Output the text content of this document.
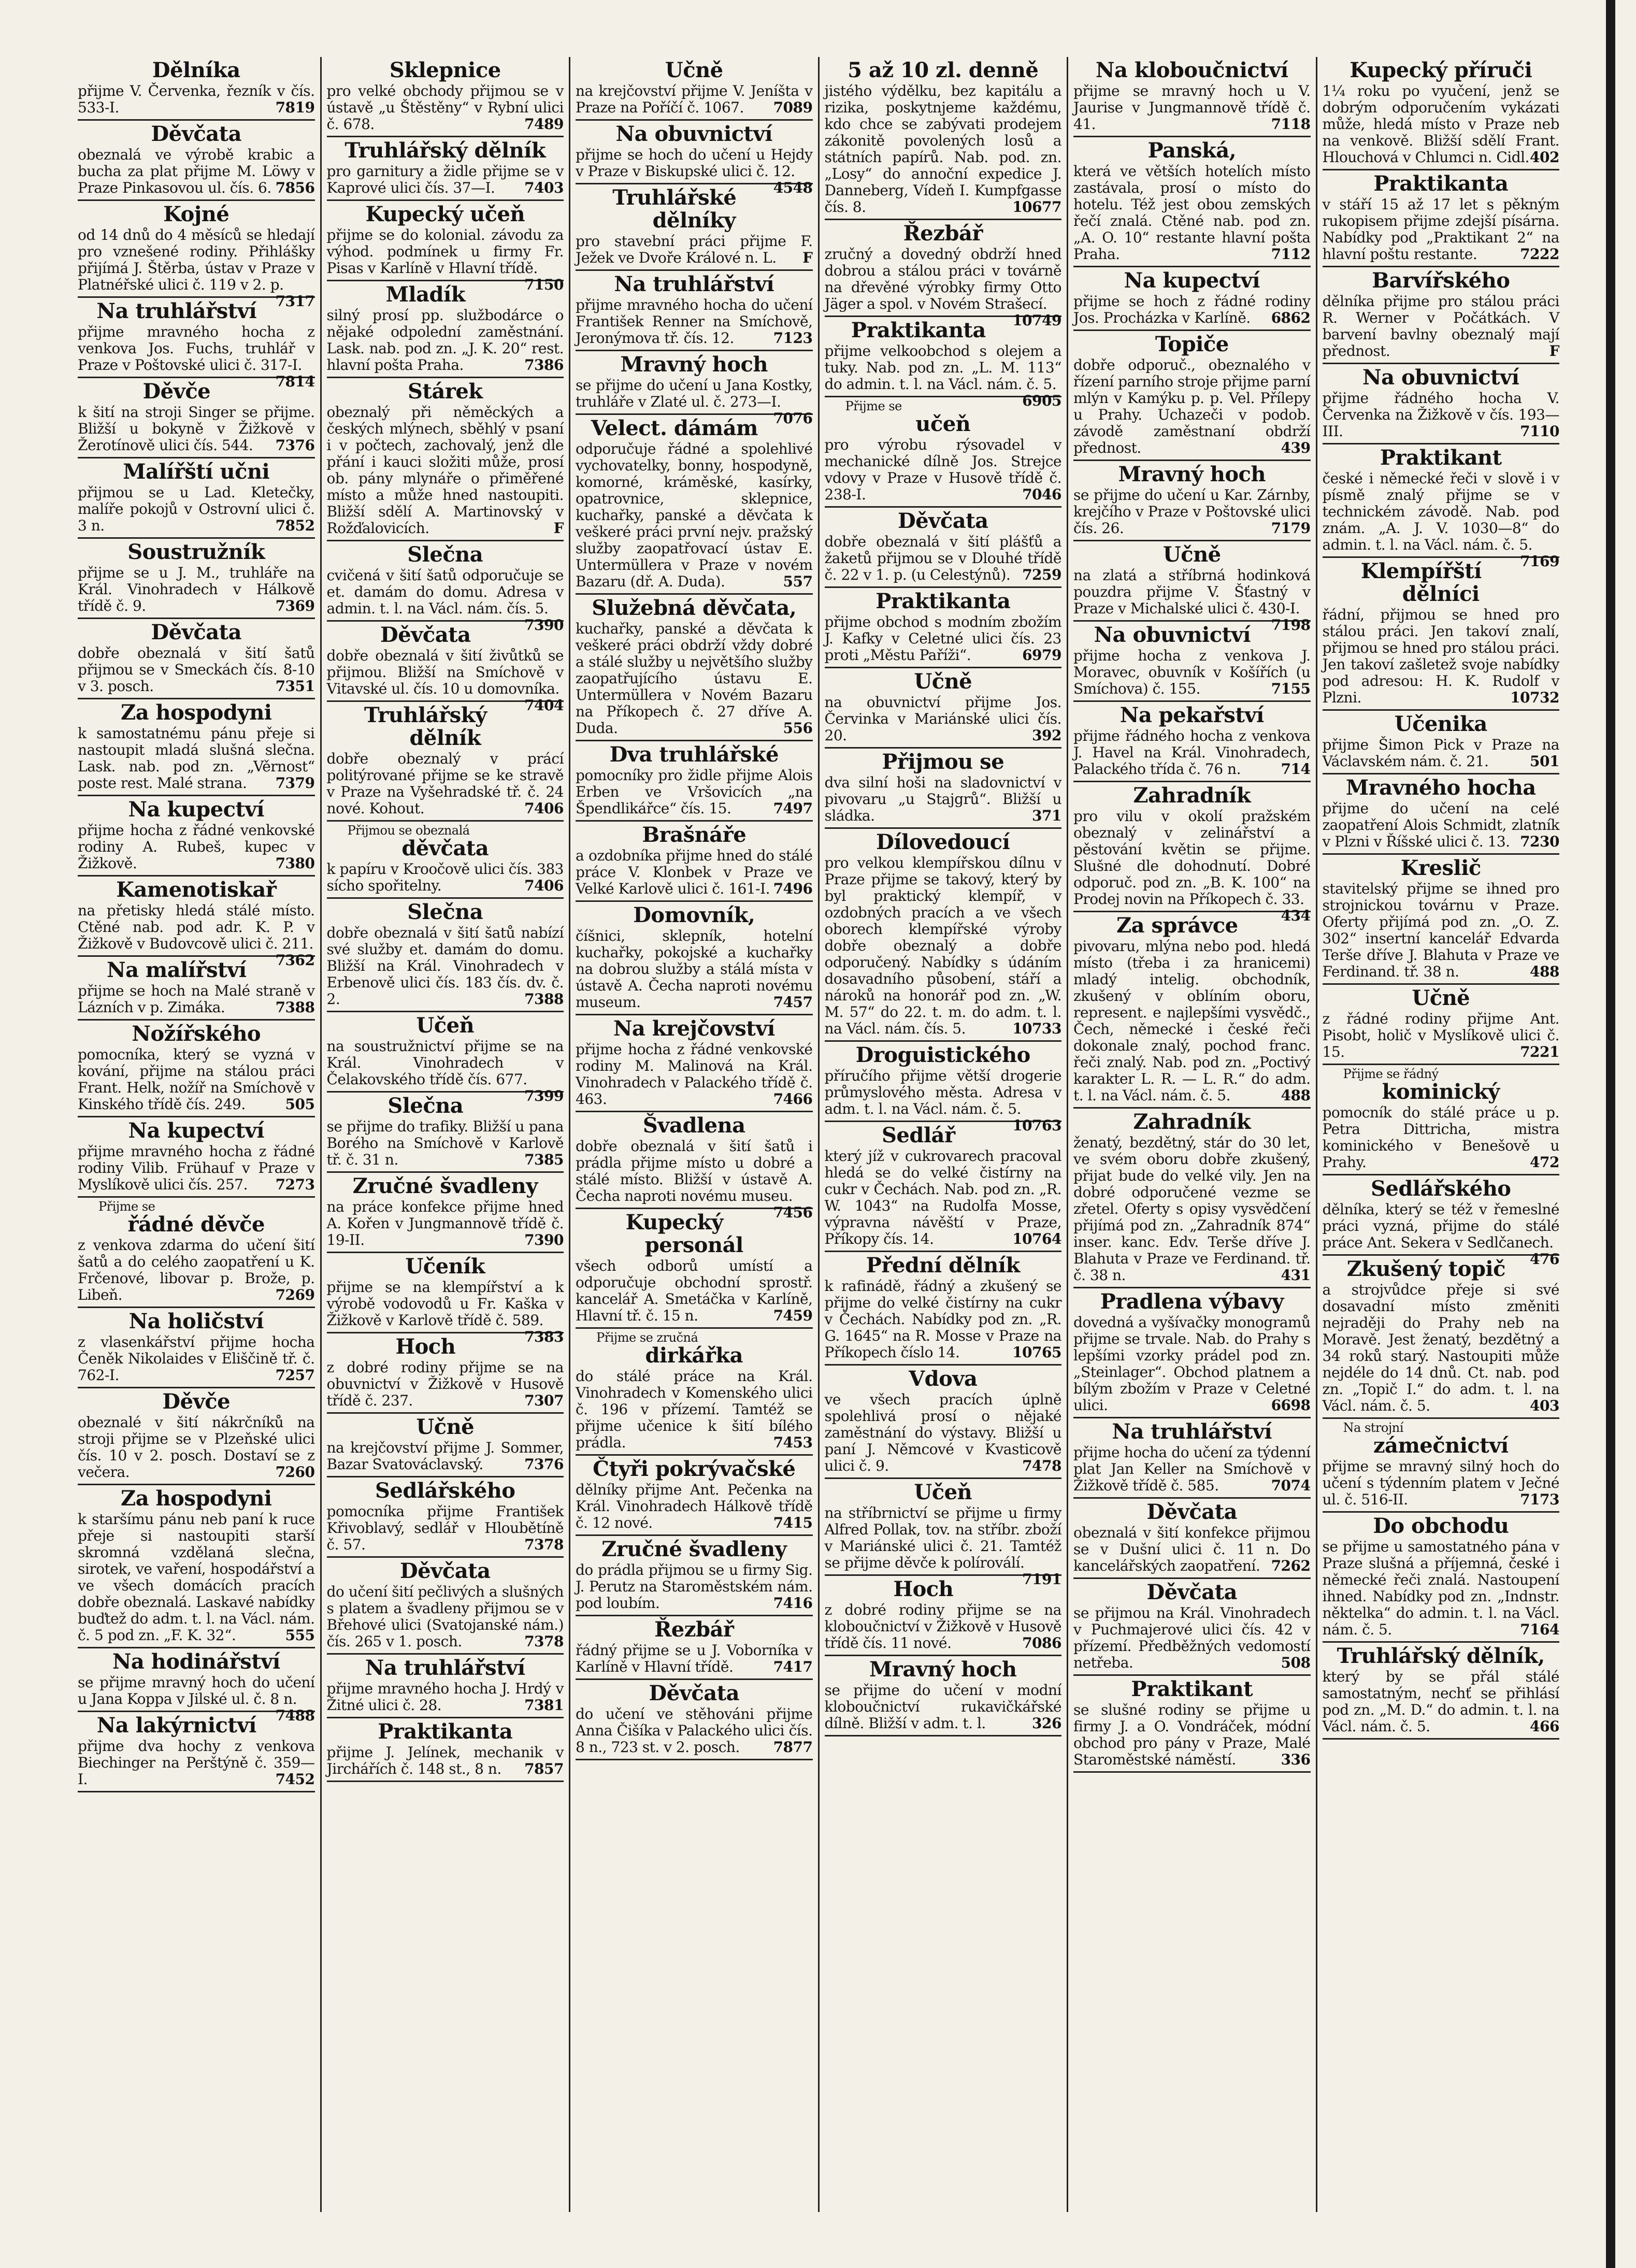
Dělníka
přijme V. Červenka, řezník v čís. 533-I.	7819
Děvčata
obeznalá ve výrobě krabic a bucha za plat přijme M. Löwy v Praze Pinkasovou ul. čís. 6. 7856
Kojné
od 14 dnů do 4 měsíců se hledají pro vznešené rodiny. Přihlášky přijímá J. Štěrba, ústav v Praze v Platnéřské ulici č. 119 v 2. p.
7317
Na truhlářství
přijme mravného hocha z venkova Jos. Fuchs, truhlář v Praze v Poštovské ulici č. 317-I.
7814
Děvče
k šití na stroji Singer se přijme. Bližší u bokyně v Žižkově v Žerotínově ulici čís. 544. 7376
Malířští učni
přijmou se u Lad. Kletečky, malíře pokojů v Ostrovní ulici č. 3 n.	7852
Soustružník
přijme se u J. M., truhláře na Král. Vinohradech v Hálkově třídě č. 9.	7369
Děvčata
dobře obeznalá v šití šatů přijmou se v Smeckách čís. 8-10 v 3. posch.	7351
Za hospodyni
k samostatnému pánu přeje si nastoupit mladá slušná slečna. Lask. nab. pod zn. „Věrnost“ poste rest. Malé strana. 7379
Na kupectví
přijme hocha z řádné venkovské rodiny A. Rubeš, kupec v Žižkově.	7380
Kamenotiskař
na přetisky hledá stálé místo. Ctěné nab. pod adr. K. P. v Žižkově v Budovcově ulici č. 211.
7362
Na malířství
přijme se hoch na Malé straně v Lázních v p. Zimáka.	7388
Nožířského
pomocníka, který se vyzná v kování, přijme na stálou práci Frant. Helk, nožíř na Smíchově v Kinského třídě čís. 249.	505
Na kupectví
přijme mravného hocha z řádné rodiny Vilib. Frühauf v Praze v Myslíkově ulici čís. 257. 7273
Přijme se
řádné děvče
z venkova zdarma do učení šití šatů a do celého zaopatření u K. Frčenové, libovar p. Brože, p. Libeň.	7269
Na holičství
z vlasenkářství přijme hocha Čeněk Nikolaides v Eliščině tř. č. 762-I.	7257
Děvče
obeznalé v šití nákrčníků na stroji přijme se v Plzeňské ulici čís. 10 v 2. posch. Dostaví se z večera.	7260
Za hospodyni
k staršímu pánu neb paní k ruce přeje si nastoupiti starší skromná vzdělaná slečna, sirotek, ve vaření, hospodářství a ve všech domácích pracích dobře obeznalá. Laskavé nabídky buďtež do adm. t. l. na Václ. nám. č. 5 pod zn. „F. K. 32“.	555
Na hodinářství
se přijme mravný hoch do učení u Jana Koppa v Jilské ul. č. 8 n.
7488
Na lakýrnictví
přijme dva hochy z venkova Biechinger na Perštýně č. 359—I.	7452
Sklepnice
pro velké obchody přijmou se v ústavě „u Štěstěny“ v Rybní ulici č. 678.	7489
Truhlářský dělník
pro garnitury a židle přijme se v Kaprové ulici čís. 37—I. 7403
Kupecký učeň
přijme se do kolonial. závodu za výhod. podmínek u firmy Fr. Pisas v Karlíně v Hlavní třídě.
7150
Mladík
silný prosí pp. službodárce o nějaké odpolední zaměstnání. Lask. nab. pod zn. „J. K. 20“ rest. hlavní pošta Praha.	7386
Stárek
obeznalý při něměckých a českých mlýnech, sběhlý v psaní i v počtech, zachovalý, jenž dle přání i kauci složiti může, prosí ob. pány mlynáře o přiměřené místo a může hned nastoupiti. Bližší sdělí A. Martinovský v Rožďalovicích.	F
Slečna
cvičená v šití šatů odporučuje se et. damám do domu. Adresa v admin. t. l. na Václ. nám. čís. 5.
7390
Děvčata
dobře obeznalá v šití živůtků se přijmou. Bližší na Smíchově v Vitavské ul. čís. 10 u domovníka.
7404
Truhlářský dělník
dobře obeznalý v prácí politýrované přijme se ke stravě v Praze na Vyšehradské tř. č. 24 nové. Kohout.	7406
Přijmou se obeznalá
děvčata
k papíru v Kroočově ulici čís. 383 sícho spořitelny.	7406
Slečna
dobře obeznalá v šití šatů nabízí své služby et. damám do domu. Bližší na Král. Vinohradech v Erbenově ulici čís. 183 čís. dv. č. 2.	7388
Učeň
na soustružnictví přijme se na Král. Vinohradech v Čelakovského třídě čís. 677.
7399
Slečna
se přijme do trafiky. Bližší u pana Borého na Smíchově v Karlově tř. č. 31 n.	7385
Zručné švadleny
na práce konfekce přijme hned A. Kořen v Jungmannově třídě č. 19-II.	7390
Učeník
přijme se na klempířství a k výrobě vodovodů u Fr. Kaška v Žižkově v Karlově třídě č. 589.
7383
Hoch
z dobré rodiny přijme se na obuvnictví v Žižkově v Husově třídě č. 237.	7307
Učně
na krejčovství přijme J. Sommer, Bazar Svatováclavský.	7376
Sedlářského
pomocníka přijme František Křivoblavý, sedlář v Hloubětíně č. 57.	7378
Děvčata
do učení šití pečlivých a slušných s platem a švadleny přijmou se v Břehové ulici (Svatojanské nám.) čís. 265 v 1. posch.	7378
Na truhlářství
přijme mravného hocha J. Hrdý v Žitné ulici č. 28.	7381
Praktikanta
přijme J. Jelínek, mechanik v Jirchářích č. 148 st., 8 n. 7857
Učně
na krejčovství přijme V. Jeníšta v Praze na Poříčí č. 1067. 7089
Na obuvnictví
přijme se hoch do učení u Hejdy v Praze v Biskupské ulici č. 12.
4548
Truhlářské dělníky
pro stavební práci přijme F. Ježek ve Dvoře Králové n. L. F
Na truhlářství
přijme mravného hocha do učení František Renner na Smíchově, Jeronýmova tř. čís. 12.	7123
Mravný hoch
se přijme do učení u Jana Kostky, truhláře v Zlaté ul. č. 273—I.
7076
Velect. dámám
odporučuje řádné a spolehlivé vychovatelky, bonny, hospodyně, komorné, kráměské, kasírky, opatrovnice, sklepnice, kuchařky, panské a děvčata k veškeré práci první nejv. pražský služby zaopatřovací ústav E. Untermüllera v Praze v novém Bazaru (dř. A. Duda).	557
Služebná děvčata,
kuchařky, panské a děvčata k veškeré práci obdrží vždy dobré a stálé služby u největšího služby zaopatřujícího ústavu E. Untermüllera v Novém Bazaru na Příkopech č. 27 dříve A. Duda.	556
Dva truhlářské
pomocníky pro židle přijme Alois Erben ve Vršovicích „na Špendlikářce“ čís. 15.	7497
Brašnáře
a ozdobníka přijme hned do stálé práce V. Klonbek v Praze ve Velké Karlově ulici č. 161-I. 7496
Domovník,
číšnici, sklepník, hotelní kuchařky, pokojské a kuchařky na dobrou služby a stálá místa v ústavě A. Čecha naproti novému museum.	7457
Na krejčovství
přijme hocha z řádné venkovské rodiny M. Malinová na Král. Vinohradech v Palackého třídě č. 463.	7466
Švadlena
dobře obeznalá v šití šatů i prádla přijme místo u dobré a stálé místo. Bližší v ústavě A. Čecha naproti novému museu.
7456
Kupecký personál
všech odborů umístí a odporučuje obchodní sprostř. kancelář A. Smetáčka v Karlíně, Hlavní tř. č. 15 n.	7459
Přijme se zručná
dirkářka
do stálé práce na Král. Vinohradech v Komenského ulici č. 196 v přízemí. Tamtéž se přijme učenice k šití bílého prádla.	7453
Čtyři pokrývačské
dělníky přijme Ant. Pečenka na Král. Vinohradech Hálkově třídě č. 12 nové.	7415
Zručné švadleny
do prádla přijmou se u firmy Sig. J. Perutz na Staroměstském nám. pod loubím.	7416
Řezbář
řádný přijme se u J. Voborníka v Karlíně v Hlavní třídě.	7417
Děvčata
do učení ve stěhováni přijme Anna Čišíka v Palackého ulici čís. 8 n., 723 st. v 2. posch. 7877
5 až 10 zl. denně
jistého výdělku, bez kapitálu a rizika, poskytnjeme každému, kdo chce se zabývati prodejem zákonitě povolených losů a státních papírů. Nab. pod. zn. „Losy“ do annoční expedice J. Danneberg, Vídeň I. Kumpfgasse čís. 8.	10677
Řezbář
zručný a dovedný obdrží hned dobrou a stálou práci v továrně na dřevěné výrobky firmy Otto Jäger a spol. v Novém Strašecí.
10749
Praktikanta
přijme velkoobchod s olejem a tuky. Nab. pod zn. „L. M. 113“ do admin. t. l. na Václ. nám. č. 5.
6905
Přijme se
učeň
pro výrobu rýsovadel v mechanické dílně Jos. Strejce vdovy v Praze v Husově třídě č. 238-I.	7046
Děvčata
dobře obeznalá v šití plášťů a žaketů přijmou se v Dlouhé třídě č. 22 v 1. p. (u Celestýnů). 7259
Praktikanta
přijme obchod s modním zbožím J. Kafky v Celetné ulici čís. 23 proti „Městu Paříži“.	6979
Učně
na obuvnictví přijme Jos. Červinka v Mariánské ulici čís. 20.	392
Přijmou se
dva silní hoši na sladovnictví v pivovaru „u Stajgrů“. Bližší u sládka.	371
Dílovedoucí
pro velkou klempířskou dílnu v Praze přijme se takový, který by byl praktický klempíř, v ozdobných pracích a ve všech oborech klempířské výroby dobře obeznalý a dobře odporučený. Nabídky s údáním dosavadního působení, stáří a nároků na honorář pod zn. „W. M. 57“ do 22. t. m. do adm. t. l. na Václ. nám. čís. 5.	10733
Droguistického
příručího přijme větší drogerie průmyslového města. Adresa v adm. t. l. na Václ. nám. č. 5.
10763
Sedlář
který jíž v cukrovarech pracoval hledá se do velké čistírny na cukr v Čechách. Nab. pod zn. „R. W. 1043“ na Rudolfa Mosse, výpravna návěští v Praze, Příkopy čís. 14.	10764
Přední dělník
k rafinádě, řádný a zkušený se přijme do velké čistírny na cukr v Čechách. Nabídky pod zn. „R. G. 1645“ na R. Mosse v Praze na Příkopech číslo 14.	10765
Vdova
ve všech pracích úplně spolehlivá prosí o nějaké zaměstnání do výstavy. Bližší u paní J. Němcové v Kvasticově ulici č. 9.	7478
Učeň
na stříbrnictví se přijme u firmy Alfred Pollak, tov. na stříbr. zboží v Mariánské ulici č. 21. Tamtéž se přijme děvče k políroválí.
7191
Hoch
z dobré rodiny přijme se na kloboučnictví v Žižkově v Husově třídě čís. 11 nové.	7086
Mravný hoch
se přijme do učení v modní kloboučnictví rukavičkářské dílně. Bližší v adm. t. l.	326
Na kloboučnictví
přijme se mravný hoch u V. Jaurise v Jungmannově třídě č. 41.	7118
Panská,
která ve větších hotelích místo zastávala, prosí o místo do hotelu. Též jest obou zemských řečí znalá. Ctěné nab. pod zn. „A. O. 10“ restante hlavní pošta Praha.	7112
Na kupectví
přijme se hoch z řádné rodiny Jos. Procházka v Karlíně. 6862
Topiče
dobře odporuč., obeznalého v řízení parního stroje přijme parní mlýn v Kamýku p. p. Vel. Přílepy u Prahy. Uchazeči v podob. závodě zaměstnaní obdrží přednost.	439
Mravný hoch
se přijme do učení u Kar. Zárnby, krejčího v Praze v Poštovské ulici čís. 26.	7179
Učně
na zlatá a stříbrná hodinková pouzdra přijme V. Šťastný v Praze v Michalské ulici č. 430-I.
7198
Na obuvnictví
přijme hocha z venkova J. Moravec, obuvník v Košířích (u Smíchova) č. 155.	7155
Na pekařství
přijme řádného hocha z venkova J. Havel na Král. Vinohradech, Palackého třída č. 76 n.	714
Zahradník
pro vilu v okolí pražském obeznalý v zelinářství a pěstování květin se přijme. Slušné dle dohodnutí. Dobré odporuč. pod zn. „B. K. 100“ na Prodej novin na Příkopech č. 33.
434
Za správce
pivovaru, mlýna nebo pod. hledá místo (třeba i za hranicemi) mladý intelig. obchodník, zkušený v oblíním oboru, represent. e najlepšími vysvědč., Čech, německé i české řeči dokonale znalý, pochod franc. řeči znalý. Nab. pod zn. „Poctivý karakter L. R. — L. R.“ do adm. t. l. na Václ. nám. č. 5.	488
Zahradník
ženatý, bezdětný, stár do 30 let, ve svém oboru dobře zkušený, přijat bude do velké vily. Jen na dobré odporučené vezme se zřetel. Oferty s opisy vysvědčení přijímá pod zn. „Zahradník 874“ inser. kanc. Edv. Terše dříve J. Blahuta v Praze ve Ferdinand. tř. č. 38 n.	431
Pradlena výbavy
dovedná a vyšívačky monogramů přijme se trvale. Nab. do Prahy s lepšími vzorky prádel pod zn. „Steinlager“. Obchod platnem a bílým zbožím v Praze v Celetné ulici.	6698
Na truhlářství
přijme hocha do učení za týdenní plat Jan Keller na Smíchově v Žižkově třídě č. 585.	7074
Děvčata
obeznalá v šití konfekce přijmou se v Dušní ulici č. 11 n. Do kancelářských zaopatření. 7262
Děvčata
se přijmou na Král. Vinohradech v Puchmajerové ulici čís. 42 v přízemí. Předběžných vedomostí netřeba.	508
Praktikant
se slušné rodiny se přijme u firmy J. a O. Vondráček, módní obchod pro pány v Praze, Malé Staroměstské náměstí.	336
Kupecký příruči
1¼ roku po vyučení, jenž se dobrým odporučením vykázati může, hledá místo v Praze neb na venkově. Bližší sdělí Frant. Hlouchová v Chlumci n. Cidl. 402
Praktikanta
v stáří 15 až 17 let s pěkným rukopisem přijme zdejší písárna. Nabídky pod „Praktikant 2“ na hlavní poštu restante.	7222
Barvířského
dělníka přijme pro stálou práci R. Werner v Počátkách. V barvení bavlny obeznalý mají přednost.	F
Na obuvnictví
přijme řádného hocha V. Červenka na Žižkově v čís. 193—III.	7110
Praktikant
české i německé řeči v slově i v písmě znalý přijme se v technickém závodě. Nab. pod znám. „A. J. V. 1030—8“ do admin. t. l. na Václ. nám. č. 5.
7169
Klempířští dělníci
řádní, přijmou se hned pro stálou práci. Jen takoví znalí, přijmou se hned pro stálou práci. Jen takoví zašletež svoje nabídky pod adresou: H. K. Rudolf v Plzni.	10732
Učenika
přijme Šimon Pick v Praze na Václavském nám. č. 21.	501
Mravného hocha
přijme do učení na celé zaopatření Alois Schmidt, zlatník v Plzni v Říšské ulici č. 13. 7230
Kreslič
stavitelský přijme se ihned pro strojnickou továrnu v Praze. Oferty přijímá pod zn. „O. Z. 302“ insertní kancelář Edvarda Terše dříve J. Blahuta v Praze ve Ferdinand. tř. 38 n.	488
Učně
z řádné rodiny přijme Ant. Pisobt, holič v Myslíkově ulici č. 15.	7221
Přijme se řádný
kominický
pomocník do stálé práce u p. Petra Dittricha, mistra kominického v Benešově u Prahy.	472
Sedlářského
dělníka, který se též v řemeslné práci vyzná, přijme do stálé práce Ant. Sekera v Sedlčanech.
476
Zkušený topič
a strojvůdce přeje si své dosavadní místo změniti nejraději do Prahy neb na Moravě. Jest ženatý, bezdětný a 34 roků starý. Nastoupiti může nejdéle do 14 dnů. Ct. nab. pod zn. „Topič I.“ do adm. t. l. na Václ. nám. č. 5.	403
Na strojní
zámečnictví
přijme se mravný silný hoch do učení s týdenním platem v Ječné ul. č. 516-II.	7173
Do obchodu
se přijme u samostatného pána v Praze slušná a příjemná, české i německé řeči znalá. Nastoupení ihned. Nabídky pod zn. „Indnstr. něktelka“ do admin. t. l. na Václ. nám. č. 5.	7164
Truhlářský dělník,
který by se přál stálé samostatným, nechť se přihlásí pod zn. „M. D.“ do admin. t. l. na Václ. nám. č. 5.	466
